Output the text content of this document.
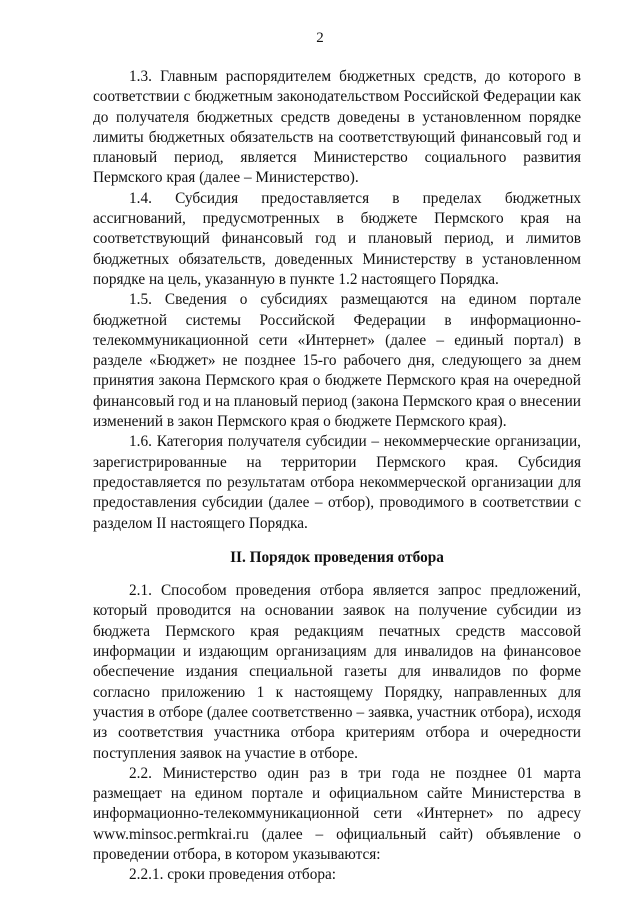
2

1.3. Главным распорядителем бюджетных средств, до которого в соответствии с бюджетным законодательством Российской Федерации как до получателя бюджетных средств доведены в установленном порядке лимиты бюджетных обязательств на соответствующий финансовый год и плановый период, является Министерство социального развития Пермского края (далее – Министерство).

1.4. Субсидия предоставляется в пределах бюджетных ассигнований, предусмотренных в бюджете Пермского края на соответствующий финансовый год и плановый период, и лимитов бюджетных обязательств, доведенных Министерству в установленном порядке на цель, указанную в пункте 1.2 настоящего Порядка.

1.5. Сведения о субсидиях размещаются на едином портале бюджетной системы Российской Федерации в информационно-телекоммуникационной сети «Интернет» (далее – единый портал) в разделе «Бюджет» не позднее 15-го рабочего дня, следующего за днем принятия закона Пермского края о бюджете Пермского края на очередной финансовый год и на плановый период (закона Пермского края о внесении изменений в закон Пермского края о бюджете Пермского края).

1.6. Категория получателя субсидии – некоммерческие организации, зарегистрированные на территории Пермского края. Субсидия предоставляется по результатам отбора некоммерческой организации для предоставления субсидии (далее – отбор), проводимого в соответствии с разделом II настоящего Порядка.

II. Порядок проведения отбора

2.1. Способом проведения отбора является запрос предложений, который проводится на основании заявок на получение субсидии из бюджета Пермского края редакциям печатных средств массовой информации и издающим организациям для инвалидов на финансовое обеспечение издания специальной газеты для инвалидов по форме согласно приложению 1 к настоящему Порядку, направленных для участия в отборе (далее соответственно – заявка, участник отбора), исходя из соответствия участника отбора критериям отбора и очередности поступления заявок на участие в отборе.

2.2. Министерство один раз в три года не позднее 01 марта размещает на едином портале и официальном сайте Министерства в информационно-телекоммуникационной сети «Интернет» по адресу www.minsoc.permkrai.ru (далее – официальный сайт) объявление о проведении отбора, в котором указываются:

2.2.1. сроки проведения отбора:
